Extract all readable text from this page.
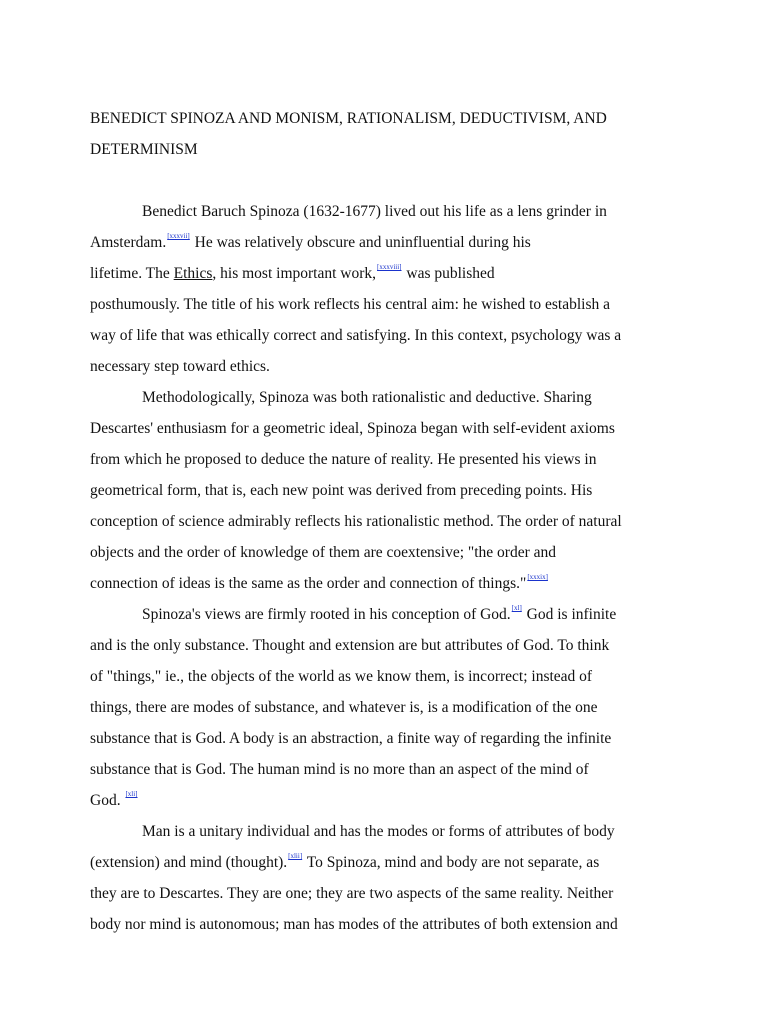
BENEDICT SPINOZA AND MONISM, RATIONALISM, DEDUCTIVISM, AND
DETERMINISM
Benedict Baruch Spinoza (1632-1677) lived out his life as a lens grinder in
Amsterdam.[xxxvii] He was relatively obscure and uninfluential during his
lifetime. The Ethics, his most important work,[xxxviii] was published
posthumously. The title of his work reflects his central aim: he wished to establish a
way of life that was ethically correct and satisfying. In this context, psychology was a
necessary step toward ethics.
Methodologically, Spinoza was both rationalistic and deductive. Sharing
Descartes' enthusiasm for a geometric ideal, Spinoza began with self-evident axioms
from which he proposed to deduce the nature of reality. He presented his views in
geometrical form, that is, each new point was derived from preceding points. His
conception of science admirably reflects his rationalistic method. The order of natural
objects and the order of knowledge of them are coextensive; "the order and
connection of ideas is the same as the order and connection of things."[xxxix]
Spinoza's views are firmly rooted in his conception of God.[xl] God is infinite
and is the only substance. Thought and extension are but attributes of God. To think
of "things," ie., the objects of the world as we know them, is incorrect; instead of
things, there are modes of substance, and whatever is, is a modification of the one
substance that is God. A body is an abstraction, a finite way of regarding the infinite
substance that is God. The human mind is no more than an aspect of the mind of
God. [xli]
Man is a unitary individual and has the modes or forms of attributes of body
(extension) and mind (thought).[xlii] To Spinoza, mind and body are not separate, as
they are to Descartes. They are one; they are two aspects of the same reality. Neither
body nor mind is autonomous; man has modes of the attributes of both extension and
